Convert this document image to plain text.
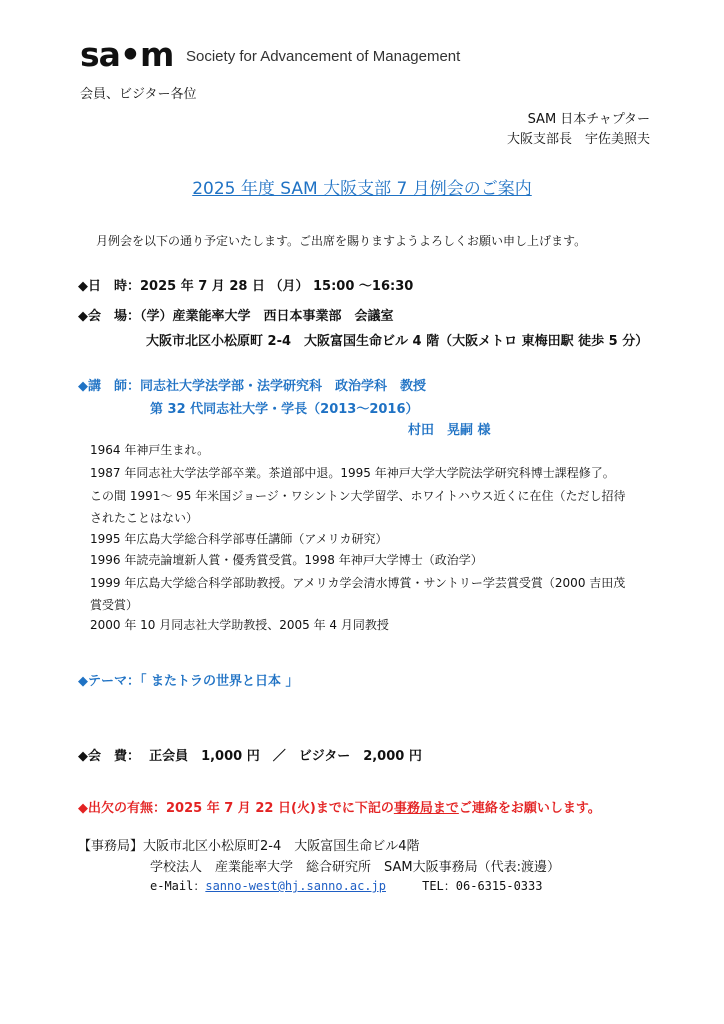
sa•m Society for Advancement of Management
会員、ビジター各位
SAM 日本チャプター
大阪支部長　宇佐美照夫
2025 年度 SAM 大阪支部 7 月例会のご案内
月例会を以下の通り予定いたします。ご出席を賜りますようよろしくお願い申し上げます。
◆日　時：2025 年 7 月 28 日 （月） 15:00 ～16:30
◆会　場：（学）産業能率大学　西日本事業部　会議室
大阪市北区小松原町 2-4　大阪富国生命ビル 4 階（大阪メトロ 東梅田駅 徒歩 5 分）
◆講　師：同志社大学法学部・法学研究科　政治学科　教授
第 32 代同志社大学・学長（2013～2016）
村田　晃嗣 様
1964 年神戸生まれ。
1987 年同志社大学法学部卒業。茶道部中退。1995 年神戸大学大学院法学研究科博士課程修了。
この間 1991～ 95 年米国ジョージ・ワシントン大学留学、ホワイトハウス近くに在住（ただし招待
されたことはない）
1995 年広島大学総合科学部専任講師（アメリカ研究）
1996 年読売論壇新人賞・優秀賞受賞。1998 年神戸大学博士（政治学）
1999 年広島大学総合科学部助教授。アメリカ学会清水博賞・サントリー学芸賞受賞（2000 吉田茂
賞受賞）
2000 年 10 月同志社大学助教授、2005 年 4 月同教授
◆テーマ：「 またトラの世界と日本 」
◆会　費： 正会員　1,000 円　／　ビジター　2,000 円
◆出欠の有無：2025 年 7 月 22 日(火)までに下記の事務局までご連絡をお願いします。
【事務局】大阪市北区小松原町2-4　大阪富国生命ビル4階
学校法人　産業能率大学　総合研究所　SAM大阪事務局（代表:渡邊）
e-Mail：sanno-west@hj.sanno.ac.jp	TEL：06-6315-0333
